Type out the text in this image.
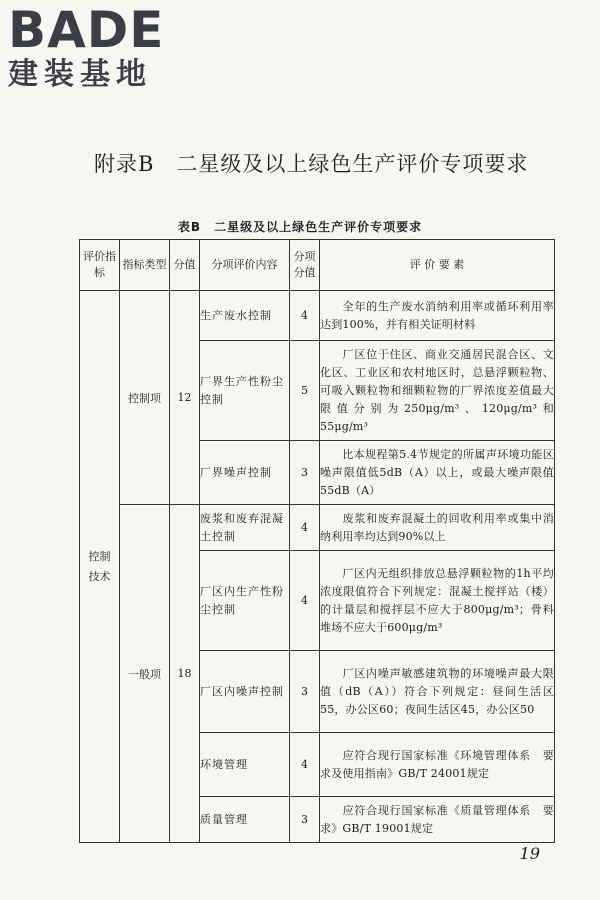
BADE
建装基地
附录B　二星级及以上绿色生产评价专项要求
表B　二星级及以上绿色生产评价专项要求
评价指标	指标类型	分值	分项评价内容	分项分值	评 价 要 素
控制技术	控制项	12	生产废水控制	4	全年的生产废水消纳利用率或循环利用率达到100%，并有相关证明材料
			厂界生产性粉尘控制	5	厂区位于住区、商业交通居民混合区、文化区、工业区和农村地区时，总悬浮颗粒物、可吸入颗粒物和细颗粒物的厂界浓度差值最大限值分别为250μg/m³、120μg/m³和55μg/m³
			厂界噪声控制	3	比本规程第5.4节规定的所属声环境功能区噪声限值低5dB（A）以上，或最大噪声限值55dB（A）
	一般项	18	废浆和废弃混凝土控制	4	废浆和废弃混凝土的回收利用率或集中消纳利用率均达到90%以上
			厂区内生产性粉尘控制	4	厂区内无组织排放总悬浮颗粒物的1h平均浓度限值符合下列规定：混凝土搅拌站（楼）的计量层和搅拌层不应大于800μg/m³；骨料堆场不应大于600μg/m³
			厂区内噪声控制	3	厂区内噪声敏感建筑物的环境噪声最大限值（dB（A））符合下列规定：昼间生活区55，办公区60；夜间生活区45，办公区50
			环境管理	4	应符合现行国家标准《环境管理体系　要求及使用指南》GB/T 24001规定
			质量管理	3	应符合现行国家标准《质量管理体系　要求》GB/T 19001规定
19
